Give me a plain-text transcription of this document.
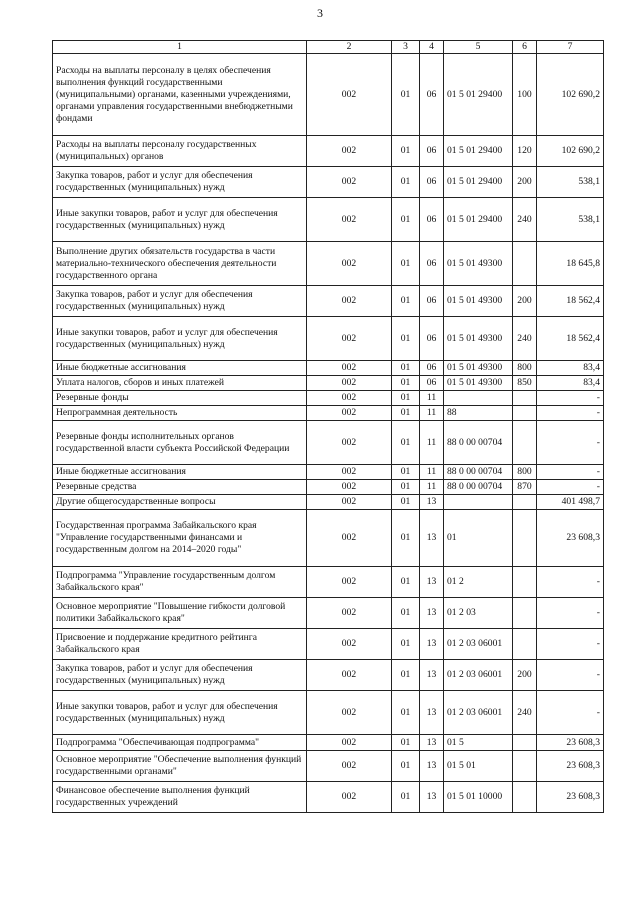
3
1	2	3	4	5	6	7
Расходы на выплаты персоналу в целях обеспечения выполнения функций государственными (муниципальными) органами, казенными учреждениями, органами управления государственными внебюджетными фондами	002	01	06	01 5 01 29400	100	102 690,2
Расходы на выплаты персоналу государственных (муниципальных) органов	002	01	06	01 5 01 29400	120	102 690,2
Закупка товаров, работ и услуг для обеспечения государственных (муниципальных) нужд	002	01	06	01 5 01 29400	200	538,1
Иные закупки товаров, работ и услуг для обеспечения государственных (муниципальных) нужд	002	01	06	01 5 01 29400	240	538,1
Выполнение других обязательств государства в части материально-технического обеспечения деятельности государственного органа	002	01	06	01 5 01 49300		18 645,8
Закупка товаров, работ и услуг для обеспечения государственных (муниципальных) нужд	002	01	06	01 5 01 49300	200	18 562,4
Иные закупки товаров, работ и услуг для обеспечения государственных (муниципальных) нужд	002	01	06	01 5 01 49300	240	18 562,4
Иные бюджетные ассигнования	002	01	06	01 5 01 49300	800	83,4
Уплата налогов, сборов и иных платежей	002	01	06	01 5 01 49300	850	83,4
Резервные фонды	002	01	11			-
Непрограммная деятельность	002	01	11	88		-
Резервные фонды исполнительных органов государственной власти субъекта Российской Федерации	002	01	11	88 0 00 00704		-
Иные бюджетные ассигнования	002	01	11	88 0 00 00704	800	-
Резервные средства	002	01	11	88 0 00 00704	870	-
Другие общегосударственные вопросы	002	01	13			401 498,7
Государственная программа Забайкальского края "Управление государственными финансами и государственным долгом на 2014–2020 годы"	002	01	13	01		23 608,3
Подпрограмма "Управление государственным долгом Забайкальского края"	002	01	13	01 2		-
Основное мероприятие "Повышение гибкости долговой политики Забайкальского края"	002	01	13	01 2 03		-
Присвоение и поддержание кредитного рейтинга Забайкальского края	002	01	13	01 2 03 06001		-
Закупка товаров, работ и услуг для обеспечения государственных (муниципальных) нужд	002	01	13	01 2 03 06001	200	-
Иные закупки товаров, работ и услуг для обеспечения государственных (муниципальных) нужд	002	01	13	01 2 03 06001	240	-
Подпрограмма "Обеспечивающая подпрограмма"	002	01	13	01 5		23 608,3
Основное мероприятие "Обеспечение выполнения функций государственными органами"	002	01	13	01 5 01		23 608,3
Финансовое обеспечение выполнения функций государственных учреждений	002	01	13	01 5 01 10000		23 608,3
